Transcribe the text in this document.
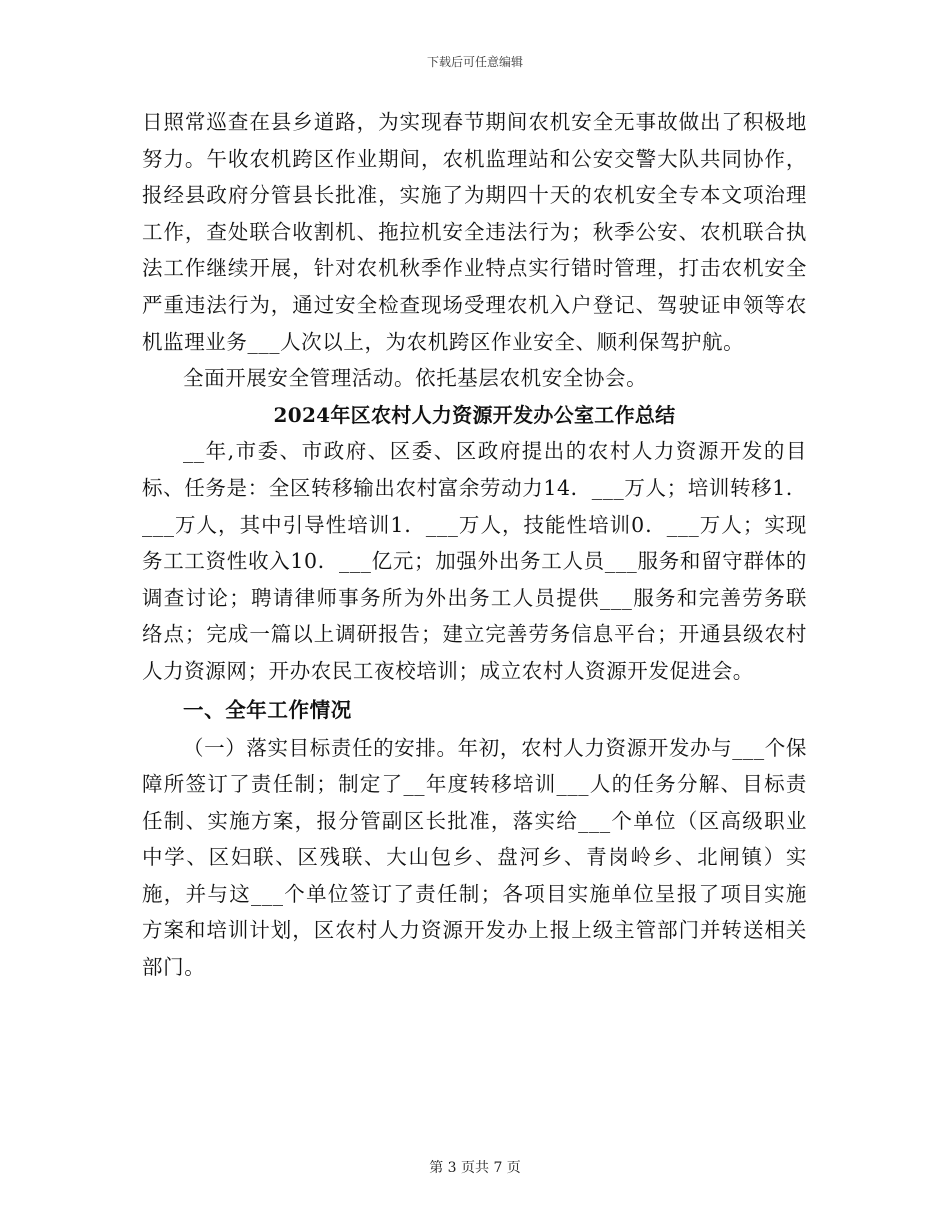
下载后可任意编辑

日照常巡查在县乡道路，为实现春节期间农机安全无事故做出了积极地努力。午收农机跨区作业期间，农机监理站和公安交警大队共同协作，报经县政府分管县长批准，实施了为期四十天的农机安全专本文项治理工作，查处联合收割机、拖拉机安全违法行为；秋季公安、农机联合执法工作继续开展，针对农机秋季作业特点实行错时管理，打击农机安全严重违法行为，通过安全检查现场受理农机入户登记、驾驶证申领等农机监理业务___人次以上，为农机跨区作业安全、顺利保驾护航。

全面开展安全管理活动。依托基层农机安全协会。

2024年区农村人力资源开发办公室工作总结

__年,市委、市政府、区委、区政府提出的农村人力资源开发的目标、任务是：全区转移输出农村富余劳动力14．___万人；培训转移1．___万人，其中引导性培训1．___万人，技能性培训0．___万人；实现务工工资性收入10．___亿元；加强外出务工人员___服务和留守群体的调查讨论；聘请律师事务所为外出务工人员提供___服务和完善劳务联络点；完成一篇以上调研报告；建立完善劳务信息平台；开通县级农村人力资源网；开办农民工夜校培训；成立农村人资源开发促进会。

一、全年工作情况

（一）落实目标责任的安排。年初，农村人力资源开发办与___个保障所签订了责任制；制定了__年度转移培训___人的任务分解、目标责任制、实施方案，报分管副区长批准，落实给___个单位（区高级职业中学、区妇联、区残联、大山包乡、盘河乡、青岗岭乡、北闸镇）实施，并与这___个单位签订了责任制；各项目实施单位呈报了项目实施方案和培训计划，区农村人力资源开发办上报上级主管部门并转送相关部门。

第 3 页共 7 页
